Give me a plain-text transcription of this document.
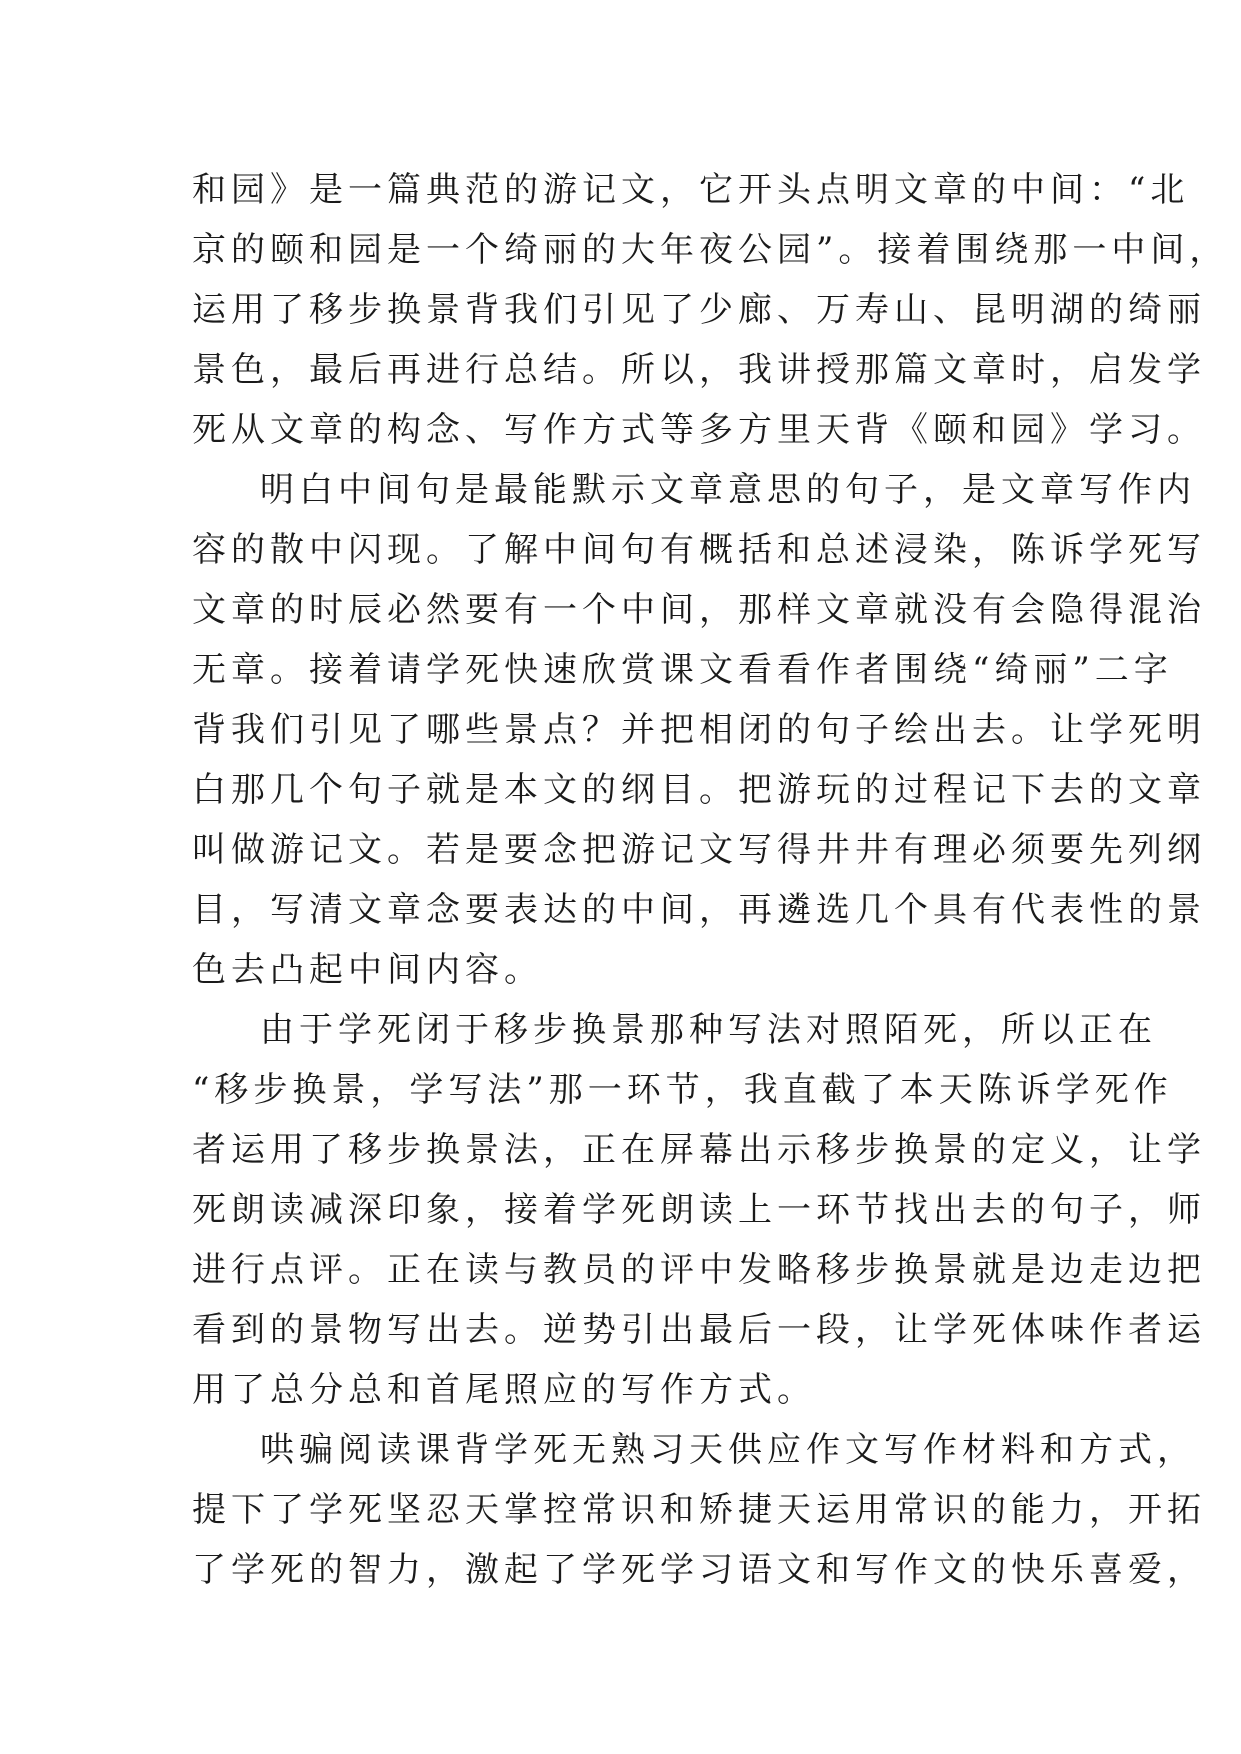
和园》是一篇典范的游记文，它开头点明文章的中间：“北
京的颐和园是一个绮丽的大年夜公园”。接着围绕那一中间，
运用了移步换景背我们引见了少廊、万寿山、昆明湖的绮丽
景色，最后再进行总结。所以，我讲授那篇文章时，启发学
死从文章的构念、写作方式等多方里天背《颐和园》学习。
明白中间句是最能默示文章意思的句子，是文章写作内
容的散中闪现。了解中间句有概括和总述浸染，陈诉学死写
文章的时辰必然要有一个中间，那样文章就没有会隐得混治
无章。接着请学死快速欣赏课文看看作者围绕“绮丽”二字
背我们引见了哪些景点？并把相闭的句子绘出去。让学死明
白那几个句子就是本文的纲目。把游玩的过程记下去的文章
叫做游记文。若是要念把游记文写得井井有理必须要先列纲
目，写清文章念要表达的中间，再遴选几个具有代表性的景
色去凸起中间内容。
由于学死闭于移步换景那种写法对照陌死，所以正在
“移步换景，学写法”那一环节，我直截了本天陈诉学死作
者运用了移步换景法，正在屏幕出示移步换景的定义，让学
死朗读减深印象，接着学死朗读上一环节找出去的句子，师
进行点评。正在读与教员的评中发略移步换景就是边走边把
看到的景物写出去。逆势引出最后一段，让学死体味作者运
用了总分总和首尾照应的写作方式。
哄骗阅读课背学死无熟习天供应作文写作材料和方式，
提下了学死坚忍天掌控常识和矫捷天运用常识的能力，开拓
了学死的智力，激起了学死学习语文和写作文的快乐喜爱，
